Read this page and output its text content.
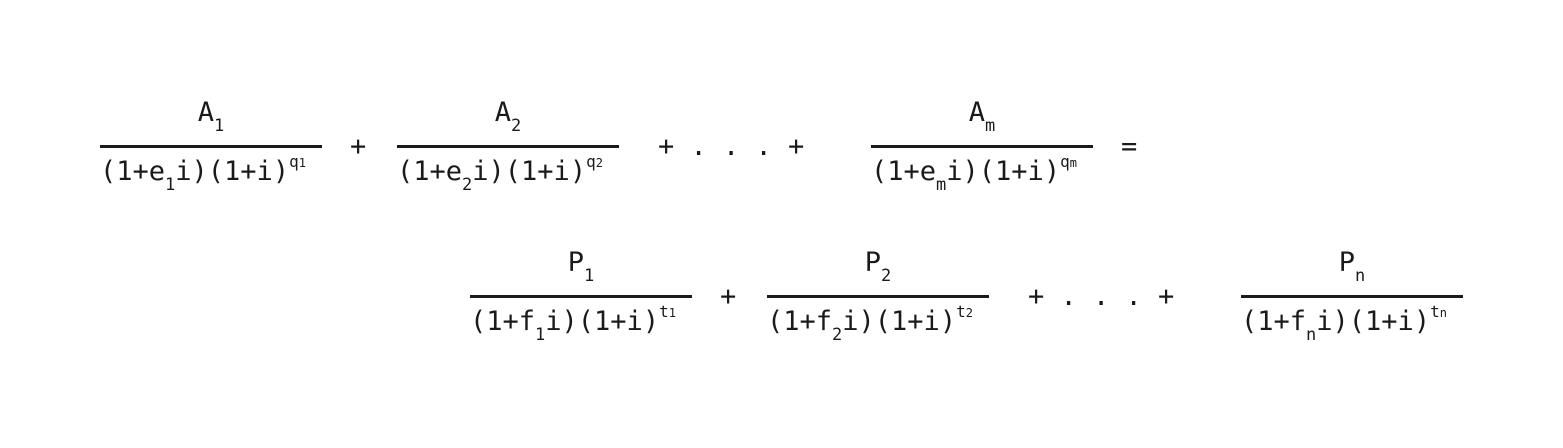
$A_1$
$(1+e_1i)(1+i)^{q1}$
+
$A_2$
$(1+e_2i)(1+i)^{q2}$
+ . . . +
$A_m$
$(1+e_mi)(1+i)^{qm}$
=
$P_1$
$(1+f_1i)(1+i)^{t1}$
+
$P_2$
$(1+f_2i)(1+i)^{t2}$
+ . . . +
$P_n$
$(1+f_ni)(1+i)^{tn}$
